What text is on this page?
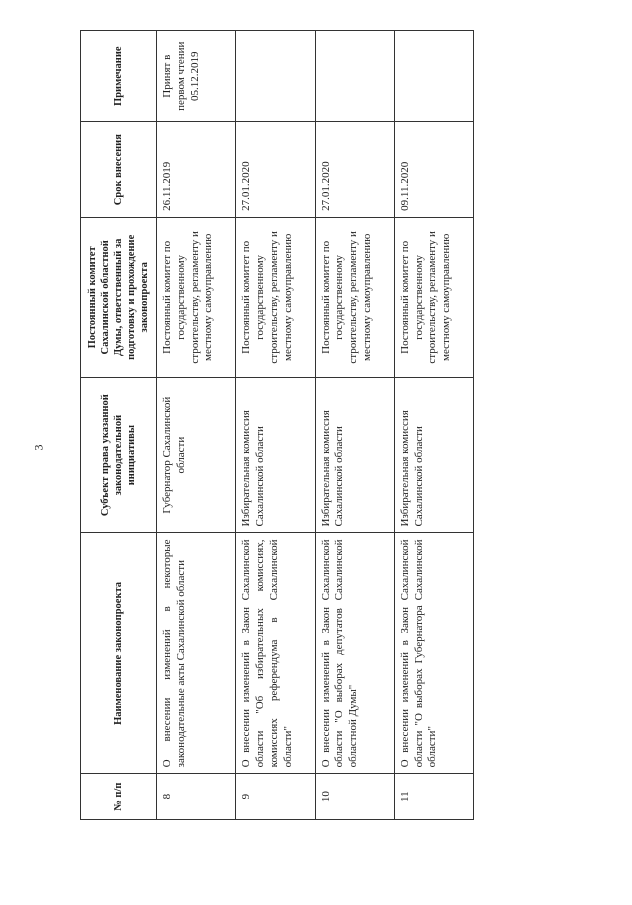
3
№ п/п	Наименование законопроекта	Субъект права указанной законодательной инициативы	Постоянный комитет Сахалинской областной Думы, ответственный за подготовку и прохождение законопроекта	Срок внесения	Примечание
8	О внесении изменений в некоторые законодательные акты Сахалинской области	Губернатор Сахалинской области	Постоянный комитет по государственному строительству, регламенту и местному самоуправлению	26.11.2019	Принят в первом чтении 05.12.2019
9	О внесении изменений в Закон Сахалинской области "Об избирательных комиссиях, комиссиях референдума в Сахалинской области"	Избирательная комиссия Сахалинской области	Постоянный комитет по государственному строительству, регламенту и местному самоуправлению	27.01.2020	
10	О внесении изменений в Закон Сахалинской области "О выборах депутатов Сахалинской областной Думы"	Избирательная комиссия Сахалинской области	Постоянный комитет по государственному строительству, регламенту и местному самоуправлению	27.01.2020	
11	О внесении изменений в Закон Сахалинской области "О выборах Губернатора Сахалинской области"	Избирательная комиссия Сахалинской области	Постоянный комитет по государственному строительству, регламенту и местному самоуправлению	09.11.2020	
